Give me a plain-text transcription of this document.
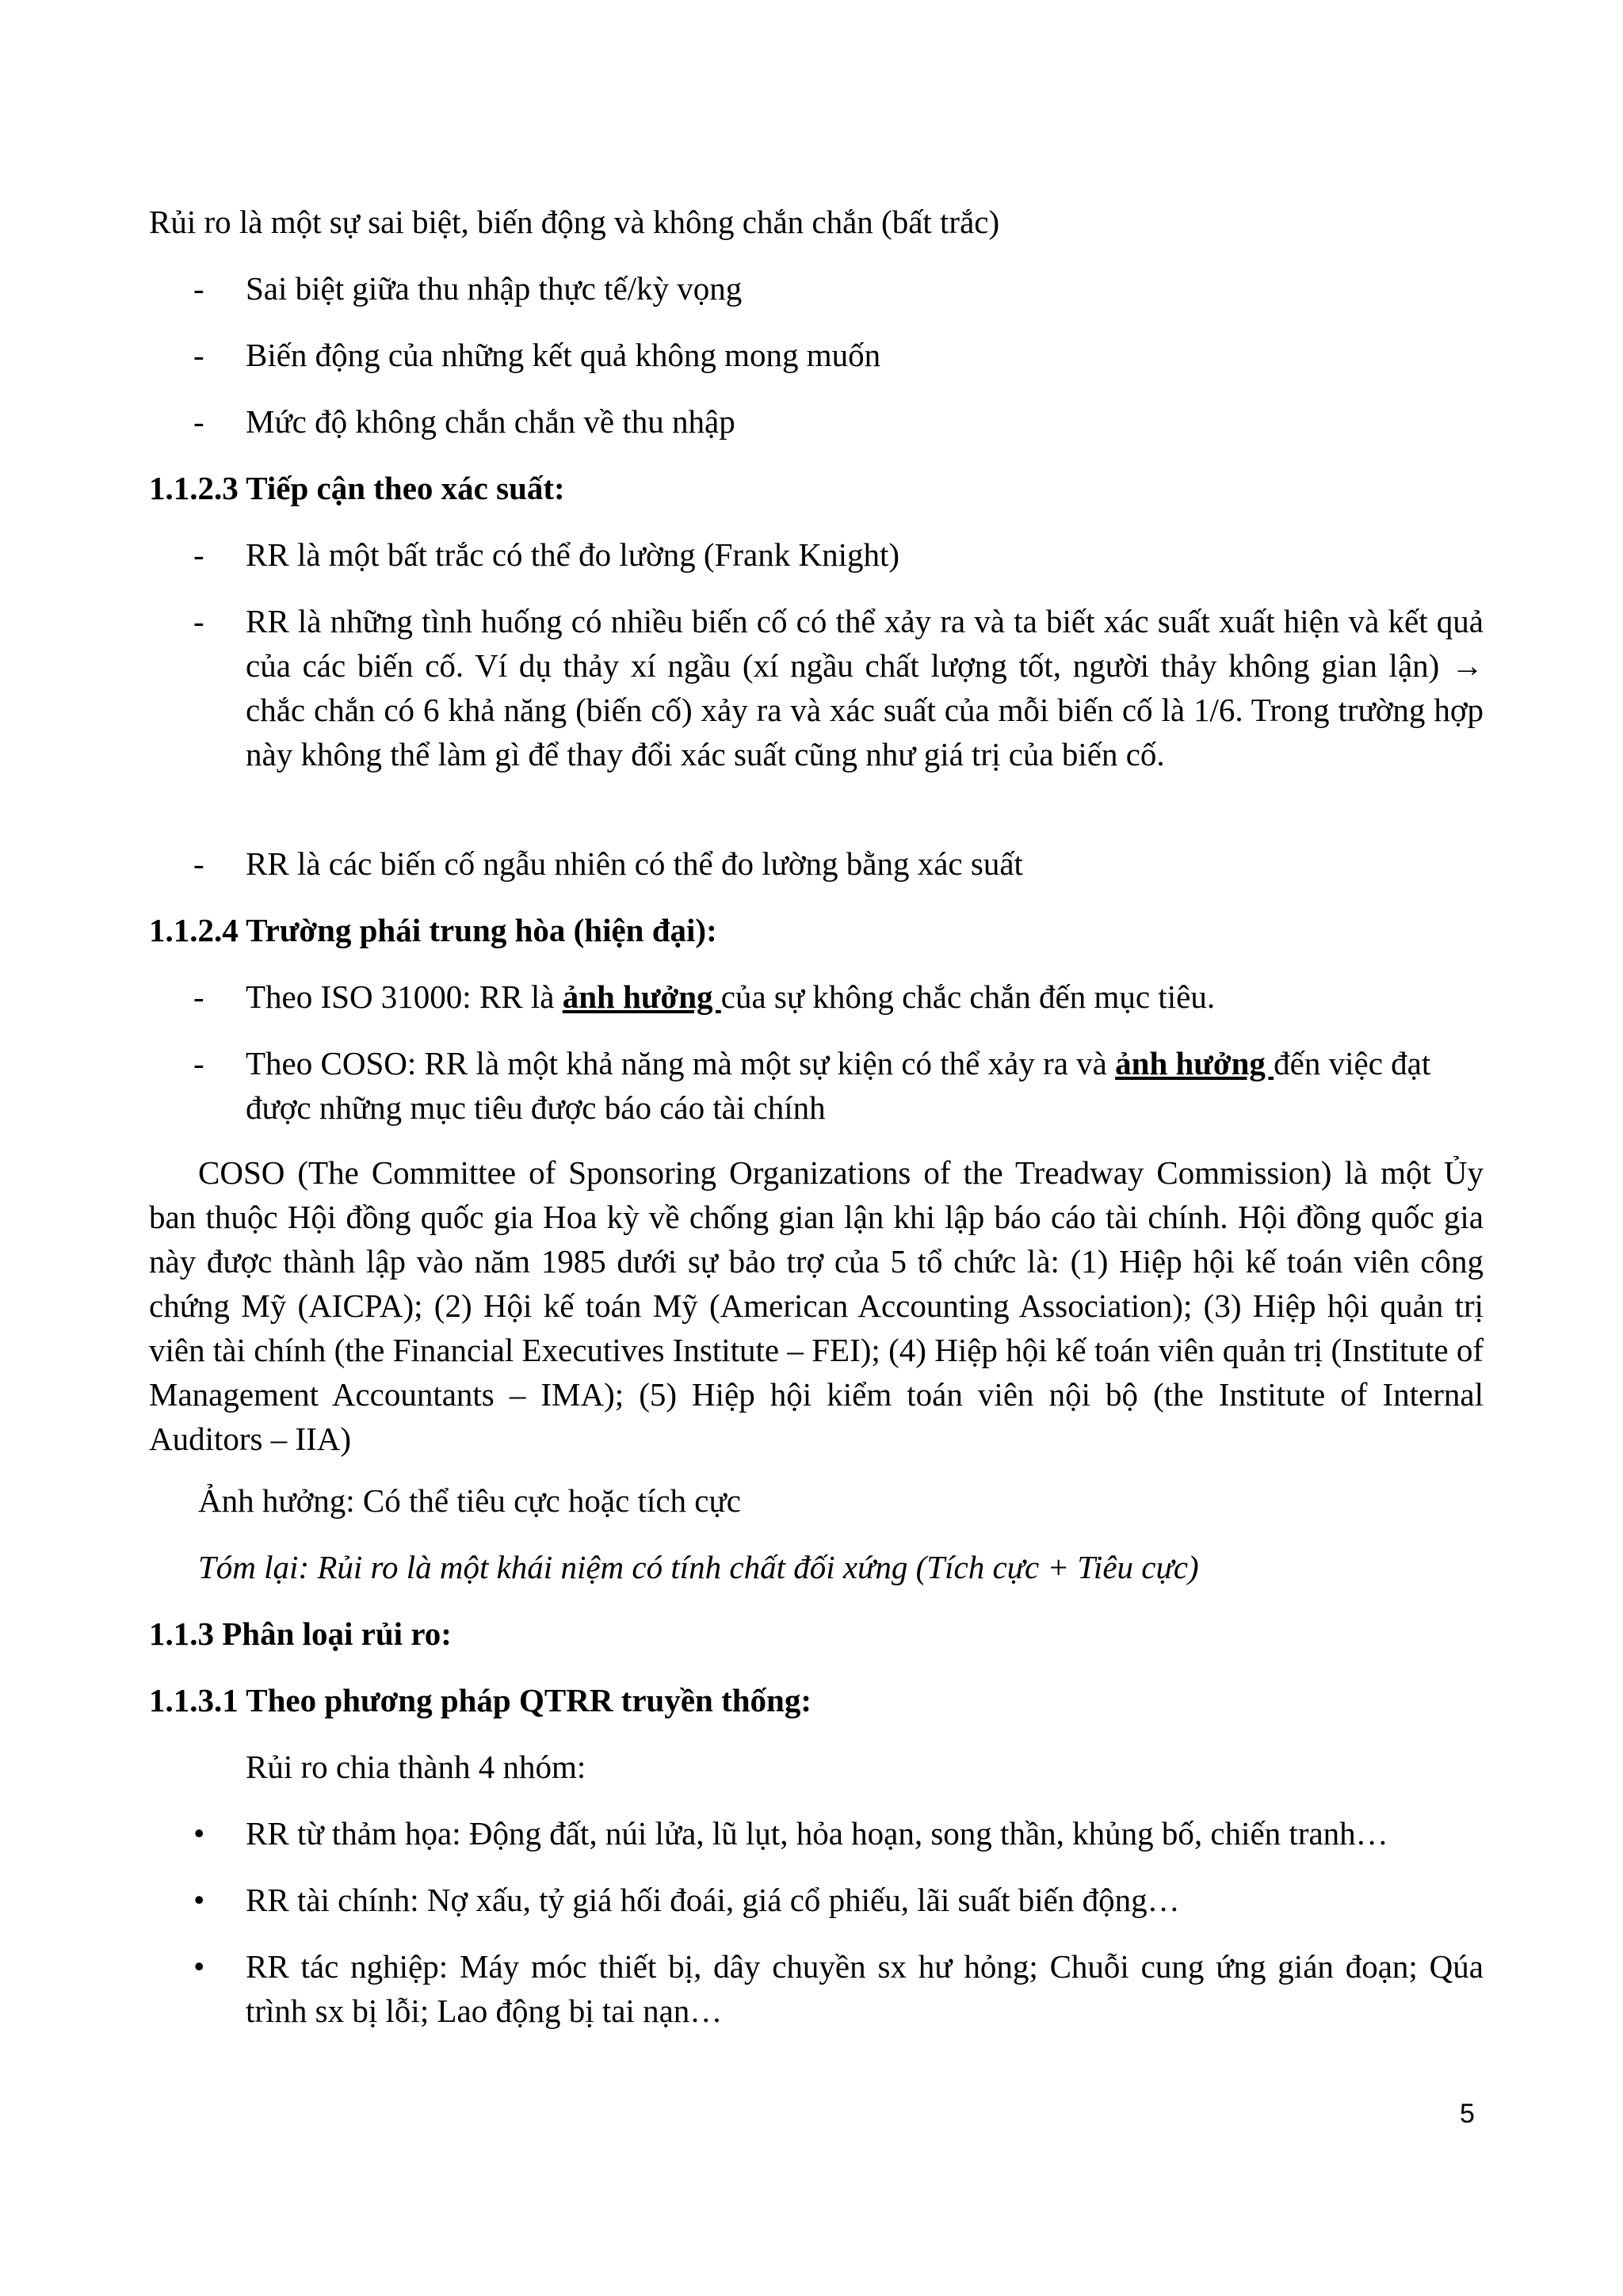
Rủi ro là một sự sai biệt, biến động và không chắn chắn (bất trắc)
-	Sai biệt giữa thu nhập thực tế/kỳ vọng
-	Biến động của những kết quả không mong muốn
-	Mức độ không chắn chắn về thu nhập
1.1.2.3 Tiếp cận theo xác suất:
-	RR là một bất trắc có thể đo lường (Frank Knight)
-	RR là những tình huống có nhiều biến cố có thể xảy ra và ta biết xác suất xuất hiện và kết quả của các biến cố. Ví dụ thảy xí ngầu (xí ngầu chất lượng tốt, người thảy không gian lận) → chắc chắn có 6 khả năng (biến cố) xảy ra và xác suất của mỗi biến cố là 1/6. Trong trường hợp này không thể làm gì để thay đổi xác suất cũng như giá trị của biến cố.
-	RR là các biến cố ngẫu nhiên có thể đo lường bằng xác suất
1.1.2.4 Trường phái trung hòa (hiện đại):
-	Theo ISO 31000: RR là ảnh hưởng của sự không chắc chắn đến mục tiêu.
-	Theo COSO: RR là một khả năng mà một sự kiện có thể xảy ra và ảnh hưởng đến việc đạt được những mục tiêu được báo cáo tài chính
COSO (The Committee of Sponsoring Organizations of the Treadway Commission) là một Ủy ban thuộc Hội đồng quốc gia Hoa kỳ về chống gian lận khi lập báo cáo tài chính. Hội đồng quốc gia này được thành lập vào năm 1985 dưới sự bảo trợ của 5 tổ chức là: (1) Hiệp hội kế toán viên công chứng Mỹ (AICPA); (2) Hội kế toán Mỹ (American Accounting Association); (3) Hiệp hội quản trị viên tài chính (the Financial Executives Institute – FEI); (4) Hiệp hội kế toán viên quản trị (Institute of Management Accountants – IMA); (5) Hiệp hội kiểm toán viên nội bộ (the Institute of Internal Auditors – IIA)
Ảnh hưởng: Có thể tiêu cực hoặc tích cực
Tóm lại: Rủi ro là một khái niệm có tính chất đối xứng (Tích cực + Tiêu cực)
1.1.3 Phân loại rủi ro:
1.1.3.1 Theo phương pháp QTRR truyền thống:
Rủi ro chia thành 4 nhóm:
•	RR từ thảm họa: Động đất, núi lửa, lũ lụt, hỏa hoạn, song thần, khủng bố, chiến tranh…
•	RR tài chính: Nợ xấu, tỷ giá hối đoái, giá cổ phiếu, lãi suất biến động…
•	RR tác nghiệp: Máy móc thiết bị, dây chuyền sx hư hỏng; Chuỗi cung ứng gián đoạn; Qúa trình sx bị lỗi; Lao động bị tai nạn…
5
